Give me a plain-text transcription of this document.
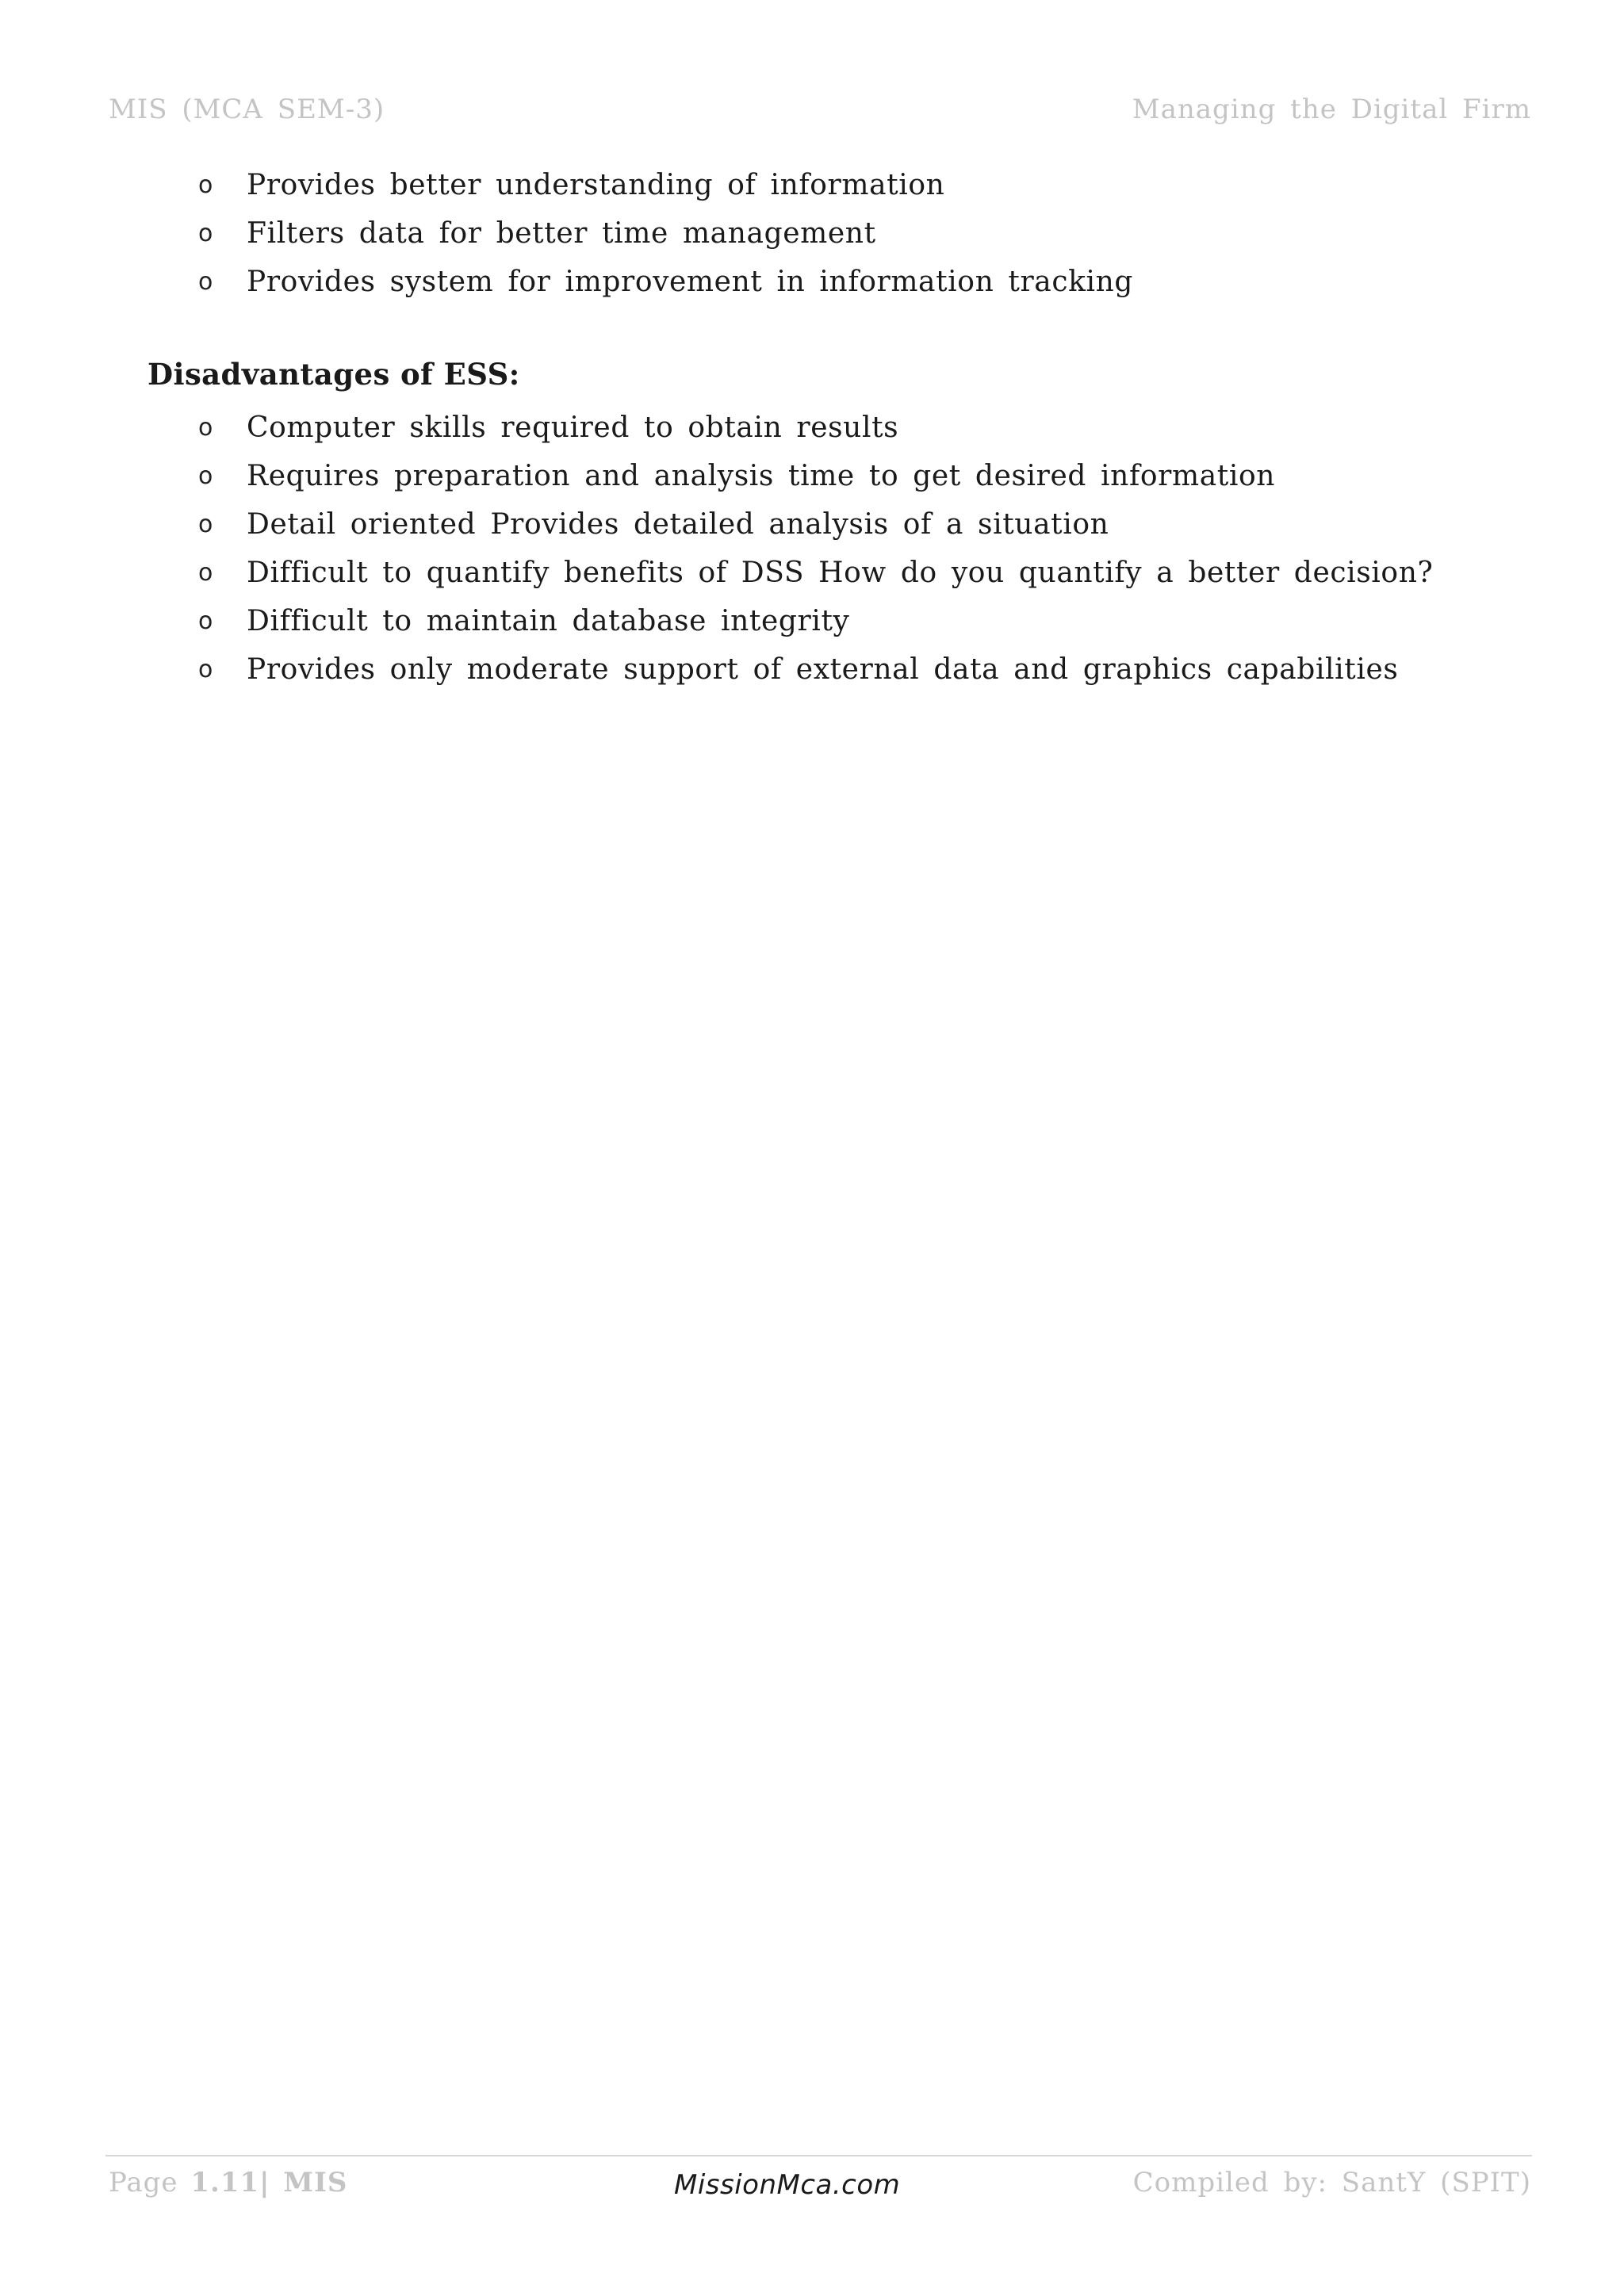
MIS (MCA SEM-3)	Managing the Digital Firm
o Provides better understanding of information
o Filters data for better time management
o Provides system for improvement in information tracking
Disadvantages of ESS:
o Computer skills required to obtain results
o Requires preparation and analysis time to get desired information
o Detail oriented Provides detailed analysis of a situation
o Difficult to quantify benefits of DSS How do you quantify a better decision?
o Difficult to maintain database integrity
o Provides only moderate support of external data and graphics capabilities
Page 1.11| MIS	MissionMca.com	Compiled by: SantY (SPIT)
